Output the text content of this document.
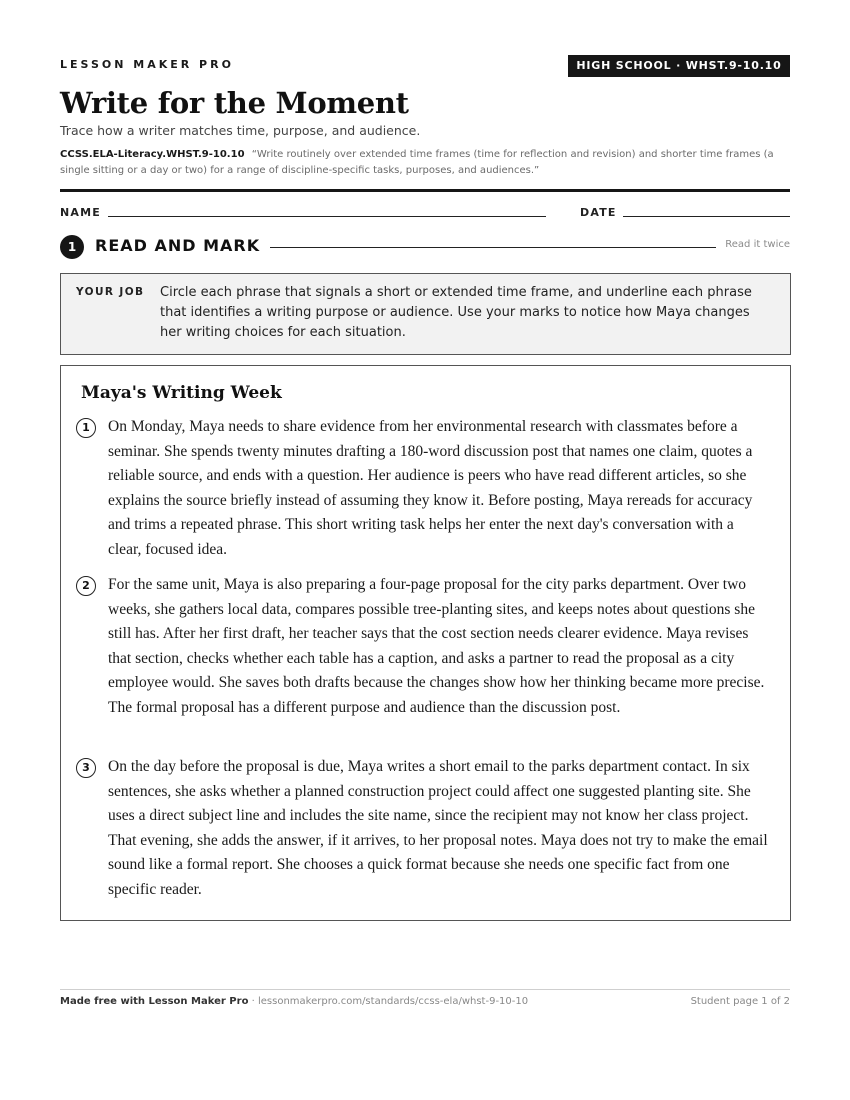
LESSON MAKER PRO	HIGH SCHOOL · WHST.9-10.10
Write for the Moment
Trace how a writer matches time, purpose, and audience.
CCSS.ELA-Literacy.WHST.9-10.10 “Write routinely over extended time frames (time for reflection and revision) and shorter time frames (a single sitting or a day or two) for a range of discipline-specific tasks, purposes, and audiences.”
NAME	DATE
1	READ AND MARK	Read it twice
YOUR JOB Circle each phrase that signals a short or extended time frame, and underline each phrase that identifies a writing purpose or audience. Use your marks to notice how Maya changes her writing choices for each situation.
Maya's Writing Week
1	On Monday, Maya needs to share evidence from her environmental research with classmates before a seminar. She spends twenty minutes drafting a 180-word discussion post that names one claim, quotes a reliable source, and ends with a question. Her audience is peers who have read different articles, so she explains the source briefly instead of assuming they know it. Before posting, Maya rereads for accuracy and trims a repeated phrase. This short writing task helps her enter the next day's conversation with a clear, focused idea.
2	For the same unit, Maya is also preparing a four-page proposal for the city parks department. Over two weeks, she gathers local data, compares possible tree-planting sites, and keeps notes about questions she still has. After her first draft, her teacher says that the cost section needs clearer evidence. Maya revises that section, checks whether each table has a caption, and asks a partner to read the proposal as a city employee would. She saves both drafts because the changes show how her thinking became more precise. The formal proposal has a different purpose and audience than the discussion post.
3	On the day before the proposal is due, Maya writes a short email to the parks department contact. In six sentences, she asks whether a planned construction project could affect one suggested planting site. She uses a direct subject line and includes the site name, since the recipient may not know her class project. That evening, she adds the answer, if it arrives, to her proposal notes. Maya does not try to make the email sound like a formal report. She chooses a quick format because she needs one specific fact from one specific reader.
Made free with Lesson Maker Pro · lessonmakerpro.com/standards/ccss-ela/whst-9-10-10	Student page 1 of 2
